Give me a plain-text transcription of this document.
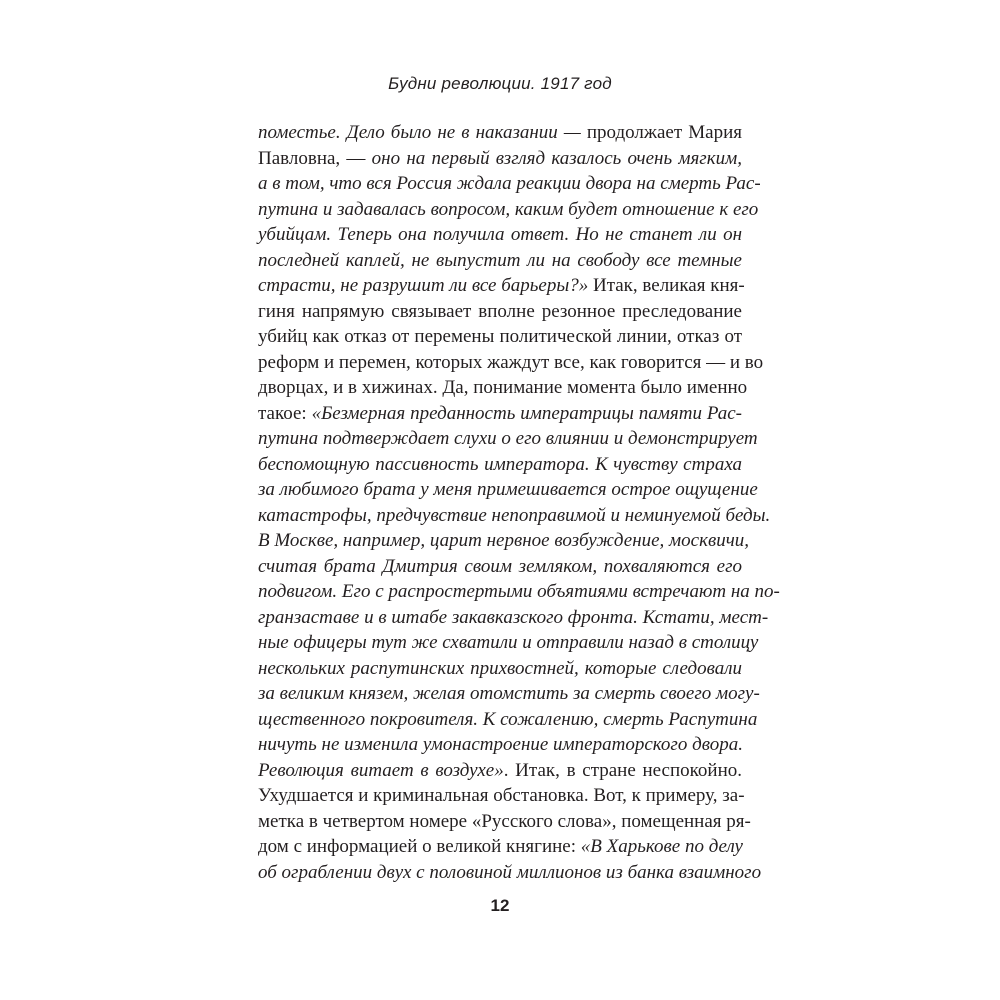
Будни революции. 1917 год
поместье. Дело было не в наказании — продолжает Мария
Павловна, — оно на первый взгляд казалось очень мягким,
а в том, что вся Россия ждала реакции двора на смерть Рас-
путина и задавалась вопросом, каким будет отношение к его
убийцам. Теперь она получила ответ. Но не станет ли он
последней каплей, не выпустит ли на свободу все темные
страсти, не разрушит ли все барьеры?» Итак, великая кня-
гиня напрямую связывает вполне резонное преследование
убийц как отказ от перемены политической линии, отказ от
реформ и перемен, которых жаждут все, как говорится — и во
дворцах, и в хижинах. Да, понимание момента было именно
такое: «Безмерная преданность императрицы памяти Рас-
путина подтверждает слухи о его влиянии и демонстрирует
беспомощную пассивность императора. К чувству страха
за любимого брата у меня примешивается острое ощущение
катастрофы, предчувствие непоправимой и неминуемой беды.
В Москве, например, царит нервное возбуждение, москвичи,
считая брата Дмитрия своим земляком, похваляются его
подвигом. Его с распростертыми объятиями встречают на по-
гранзаставе и в штабе закавказского фронта. Кстати, мест-
ные офицеры тут же схватили и отправили назад в столицу
нескольких распутинских прихвостней, которые следовали
за великим князем, желая отомстить за смерть своего могу-
щественного покровителя. К сожалению, смерть Распутина
ничуть не изменила умонастроение императорского двора.
Революция витает в воздухе». Итак, в стране неспокойно.
Ухудшается и криминальная обстановка. Вот, к примеру, за-
метка в четвертом номере «Русского слова», помещенная ря-
дом с информацией о великой княгине: «В Харькове по делу
об ограблении двух с половиной миллионов из банка взаимного
12
